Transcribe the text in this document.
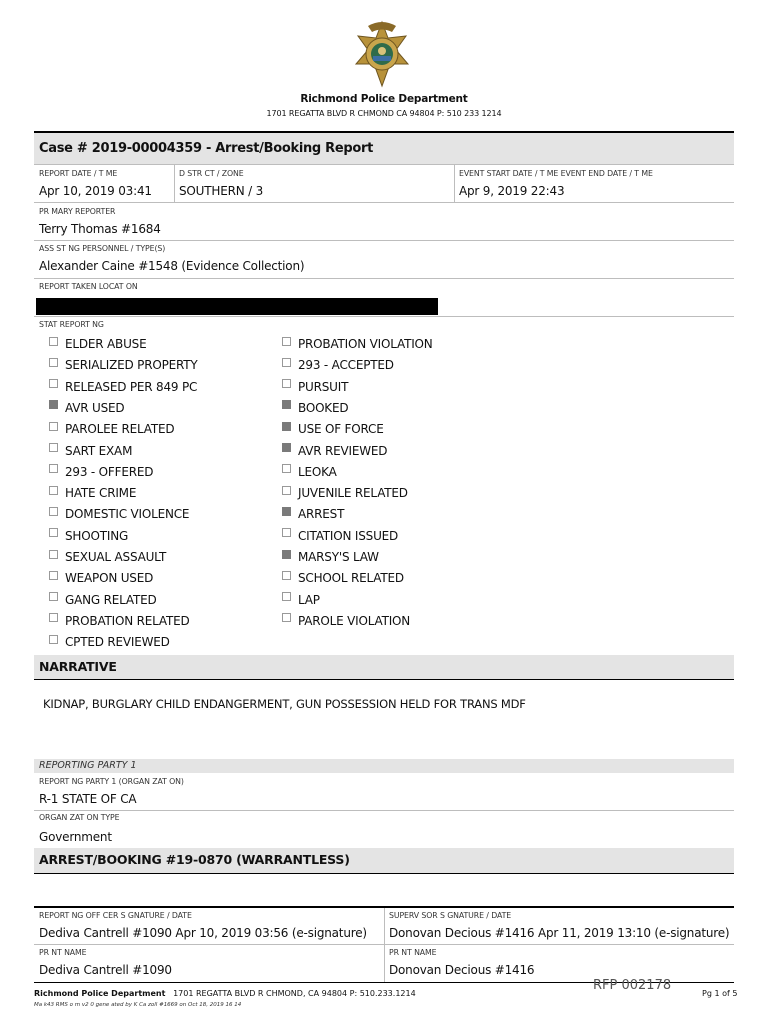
Richmond Police Department
1701 REGATTA BLVD R CHMOND CA 94804 P: 510 233 1214
Case # 2019-00004359 - Arrest/Booking Report
REPORT DATE / T ME
Apr 10, 2019 03:41
D STR CT / ZONE
SOUTHERN / 3
EVENT START DATE / T ME EVENT END DATE / T ME
Apr 9, 2019 22:43
PR MARY REPORTER
Terry Thomas #1684
ASS ST NG PERSONNEL / TYPE(S)
Alexander Caine #1548 (Evidence Collection)
REPORT TAKEN LOCAT ON
STAT REPORT NG
ELDER ABUSE
SERIALIZED PROPERTY
RELEASED PER 849 PC
AVR USED
PAROLEE RELATED
SART EXAM
293 - OFFERED
HATE CRIME
DOMESTIC VIOLENCE
SHOOTING
SEXUAL ASSAULT
WEAPON USED
GANG RELATED
PROBATION RELATED
CPTED REVIEWED
PROBATION VIOLATION
293 - ACCEPTED
PURSUIT
BOOKED
USE OF FORCE
AVR REVIEWED
LEOKA
JUVENILE RELATED
ARREST
CITATION ISSUED
MARSY'S LAW
SCHOOL RELATED
LAP
PAROLE VIOLATION
NARRATIVE
KIDNAP, BURGLARY CHILD ENDANGERMENT, GUN POSSESSION HELD FOR TRANS MDF
REPORTING PARTY 1
REPORT NG PARTY 1 (ORGAN ZAT ON)
R-1 STATE OF CA
ORGAN ZAT ON TYPE
Government
ARREST/BOOKING #19-0870 (WARRANTLESS)
REPORT NG OFF CER S GNATURE / DATE
Dediva Cantrell #1090 Apr 10, 2019 03:56 (e-signature)
SUPERV SOR S GNATURE / DATE
Donovan Decious #1416 Apr 11, 2019 13:10 (e-signature)
PR NT NAME
Dediva Cantrell #1090
PR NT NAME
Donovan Decious #1416
Richmond Police Department 1701 REGATTA BLVD R CHMOND, CA 94804 P: 510.233.1214
Ma k43 RMS o m v2 0 gene ated by K Ca zoll #1669 on Oct 18, 2019 16 14
RFP 002178
Pg 1 of 5
